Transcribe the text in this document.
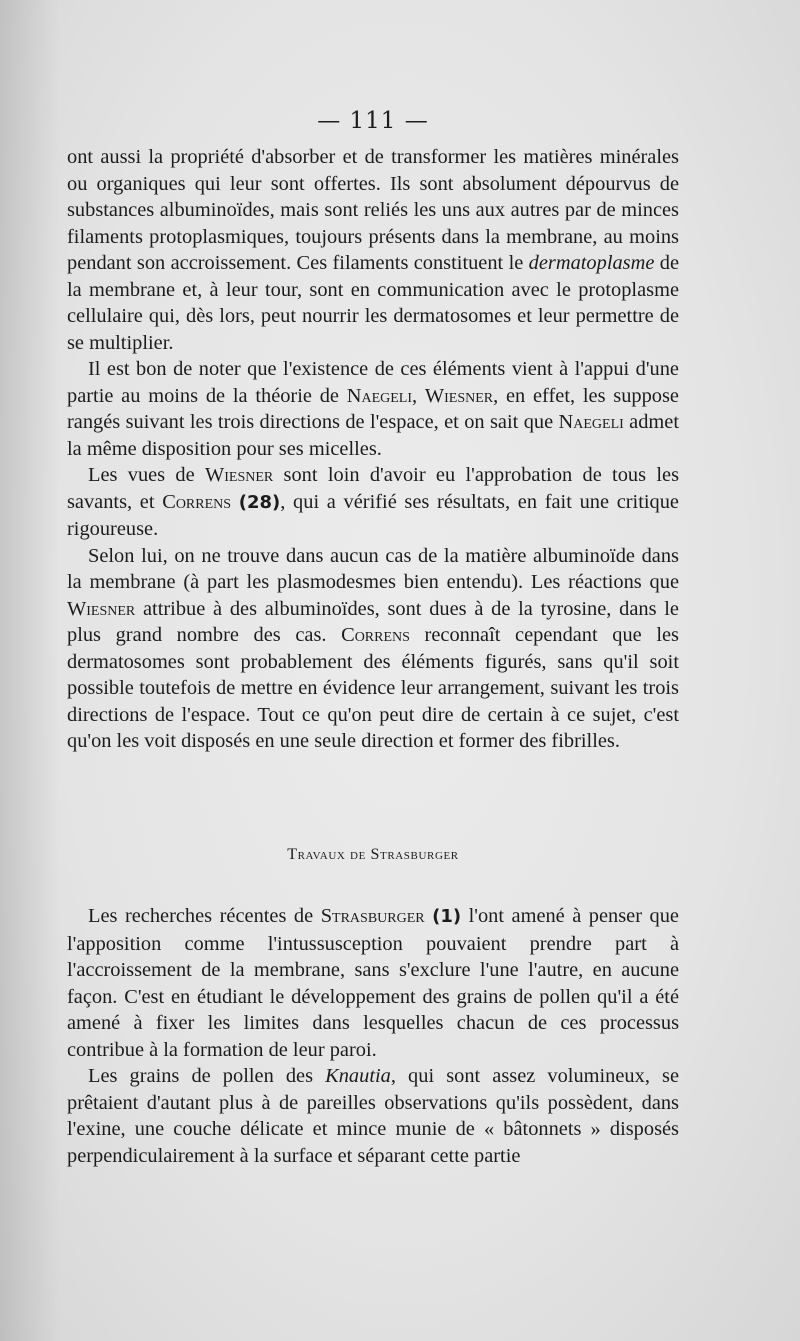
— 111 —

ont aussi la propriété d'absorber et de transformer les matières minérales ou organiques qui leur sont offertes. Ils sont absolument dépourvus de substances albuminoïdes, mais sont reliés les uns aux autres par de minces filaments protoplasmiques, toujours présents dans la membrane, au moins pendant son accroissement. Ces filaments constituent le dermatoplasme de la membrane et, à leur tour, sont en communication avec le protoplasme cellulaire qui, dès lors, peut nourrir les dermatosomes et leur permettre de se multiplier.

Il est bon de noter que l'existence de ces éléments vient à l'appui d'une partie au moins de la théorie de Naegeli, Wiesner, en effet, les suppose rangés suivant les trois directions de l'espace, et on sait que Naegeli admet la même disposition pour ses micelles.

Les vues de Wiesner sont loin d'avoir eu l'approbation de tous les savants, et Correns (28), qui a vérifié ses résultats, en fait une critique rigoureuse.

Selon lui, on ne trouve dans aucun cas de la matière albuminoïde dans la membrane (à part les plasmodesmes bien entendu). Les réactions que Wiesner attribue à des albuminoïdes, sont dues à de la tyrosine, dans le plus grand nombre des cas. Correns reconnaît cependant que les dermatosomes sont probablement des éléments figurés, sans qu'il soit possible toutefois de mettre en évidence leur arrangement, suivant les trois directions de l'espace. Tout ce qu'on peut dire de certain à ce sujet, c'est qu'on les voit disposés en une seule direction et former des fibrilles.

Travaux de Strasburger

Les recherches récentes de Strasburger (1) l'ont amené à penser que l'apposition comme l'intussusception pouvaient prendre part à l'accroissement de la membrane, sans s'exclure l'une l'autre, en aucune façon. C'est en étudiant le développement des grains de pollen qu'il a été amené à fixer les limites dans lesquelles chacun de ces processus contribue à la formation de leur paroi.

Les grains de pollen des Knautia, qui sont assez volumineux, se prêtaient d'autant plus à de pareilles observations qu'ils possèdent, dans l'exine, une couche délicate et mince munie de « bâtonnets » disposés perpendiculairement à la surface et séparant cette partie
